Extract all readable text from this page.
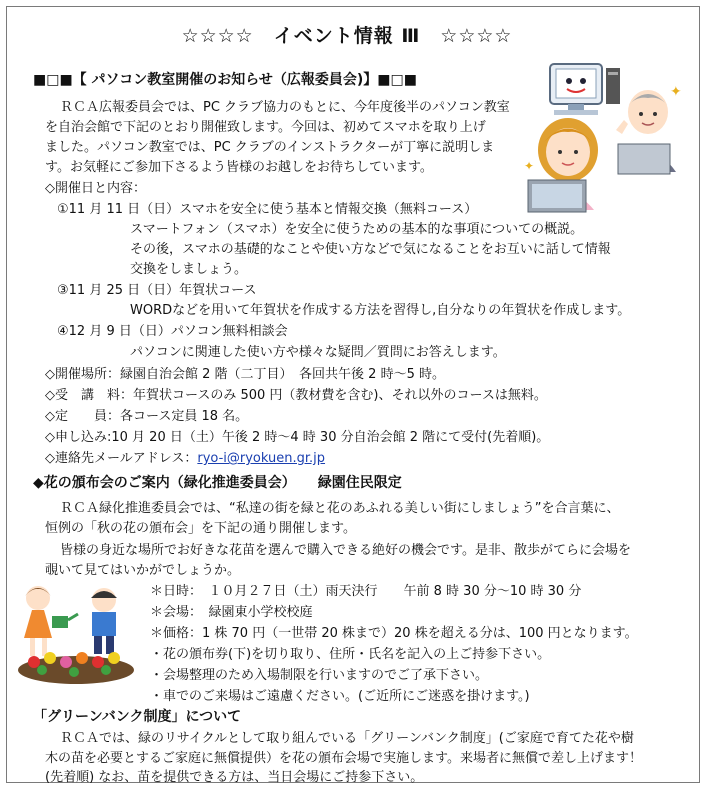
☆☆☆☆　イベント情報 Ⅲ　☆☆☆☆
■□■【 パソコン教室開催のお知らせ（広報委員会)】■□■
ＲＣＡ広報委員会では、PC クラブ協力のもとに、今年度後半のパソコン教室
を自治会館で下記のとおり開催致します。今回は、初めてスマホを取り上げ
ました。パソコン教室では、PC クラブのインストラクターが丁寧に説明しま
す。お気軽にご参加下さるよう皆様のお越しをお待ちしています。
◇開催日と内容：
①11 月 11 日（日）スマホを安全に使う基本と情報交換（無料コース）
スマートフォン（スマホ）を安全に使うための基本的な事項についての概説。
その後，スマホの基礎的なことや使い方などで気になることをお互いに話して情報
交換をしましょう。
③11 月 25 日（日）年賀状コース
WORDなどを用いて年賀状を作成する方法を習得し,自分なりの年賀状を作成します。
④12 月 9 日（日）パソコン無料相談会
パソコンに関連した使い方や様々な疑問／質問にお答えします。
◇開催場所：緑園自治会館 2 階（二丁目）　各回共午後 2 時～5 時。
◇受　講　料：年賀状コースのみ 500 円（教材費を含む)、それ以外のコースは無料。
◇定　　員：各コース定員 18 名。
◇申し込み:10 月 20 日（土）午後 2 時～4 時 30 分自治会館 2 階にて受付(先着順)。
◇連絡先メールアドレス：ryo-i@ryokuen.gr.jp
◆花の頒布会のご案内（緑化推進委員会） 緑園住民限定
ＲＣＡ緑化推進委員会では、“私達の街を緑と花のあふれる美しい街にしましょう”を合言葉に、
恒例の「秋の花の頒布会」を下記の通り開催します。
皆様の身近な場所でお好きな花苗を選んで購入できる絶好の機会です。是非、散歩がてらに会場を
覗いて見てはいかがでしょうか。
＊日時：　１０月２７日（土）雨天決行　　午前 8 時 30 分～10 時 30 分
＊会場：　緑園東小学校校庭
＊価格：1 株 70 円（一世帯 20 株まで）20 株を超える分は、100 円となります。
・花の頒布券(下)を切り取り、住所・氏名を記入の上ご持参下さい。
・会場整理のため入場制限を行いますのでご了承下さい。
・車でのご来場はご遠慮ください。(ご近所にご迷惑を掛けます。)
「グリーンバンク制度」について
ＲＣＡでは、緑のリサイクルとして取り組んでいる「グリーンバンク制度」(ご家庭で育てた花や樹
木の苗を必要とするご家庭に無償提供）を花の頒布会場で実施します。来場者に無償で差し上げます！
(先着順) なお、苗を提供できる方は、当日会場にご持参下さい。
✦
✦
